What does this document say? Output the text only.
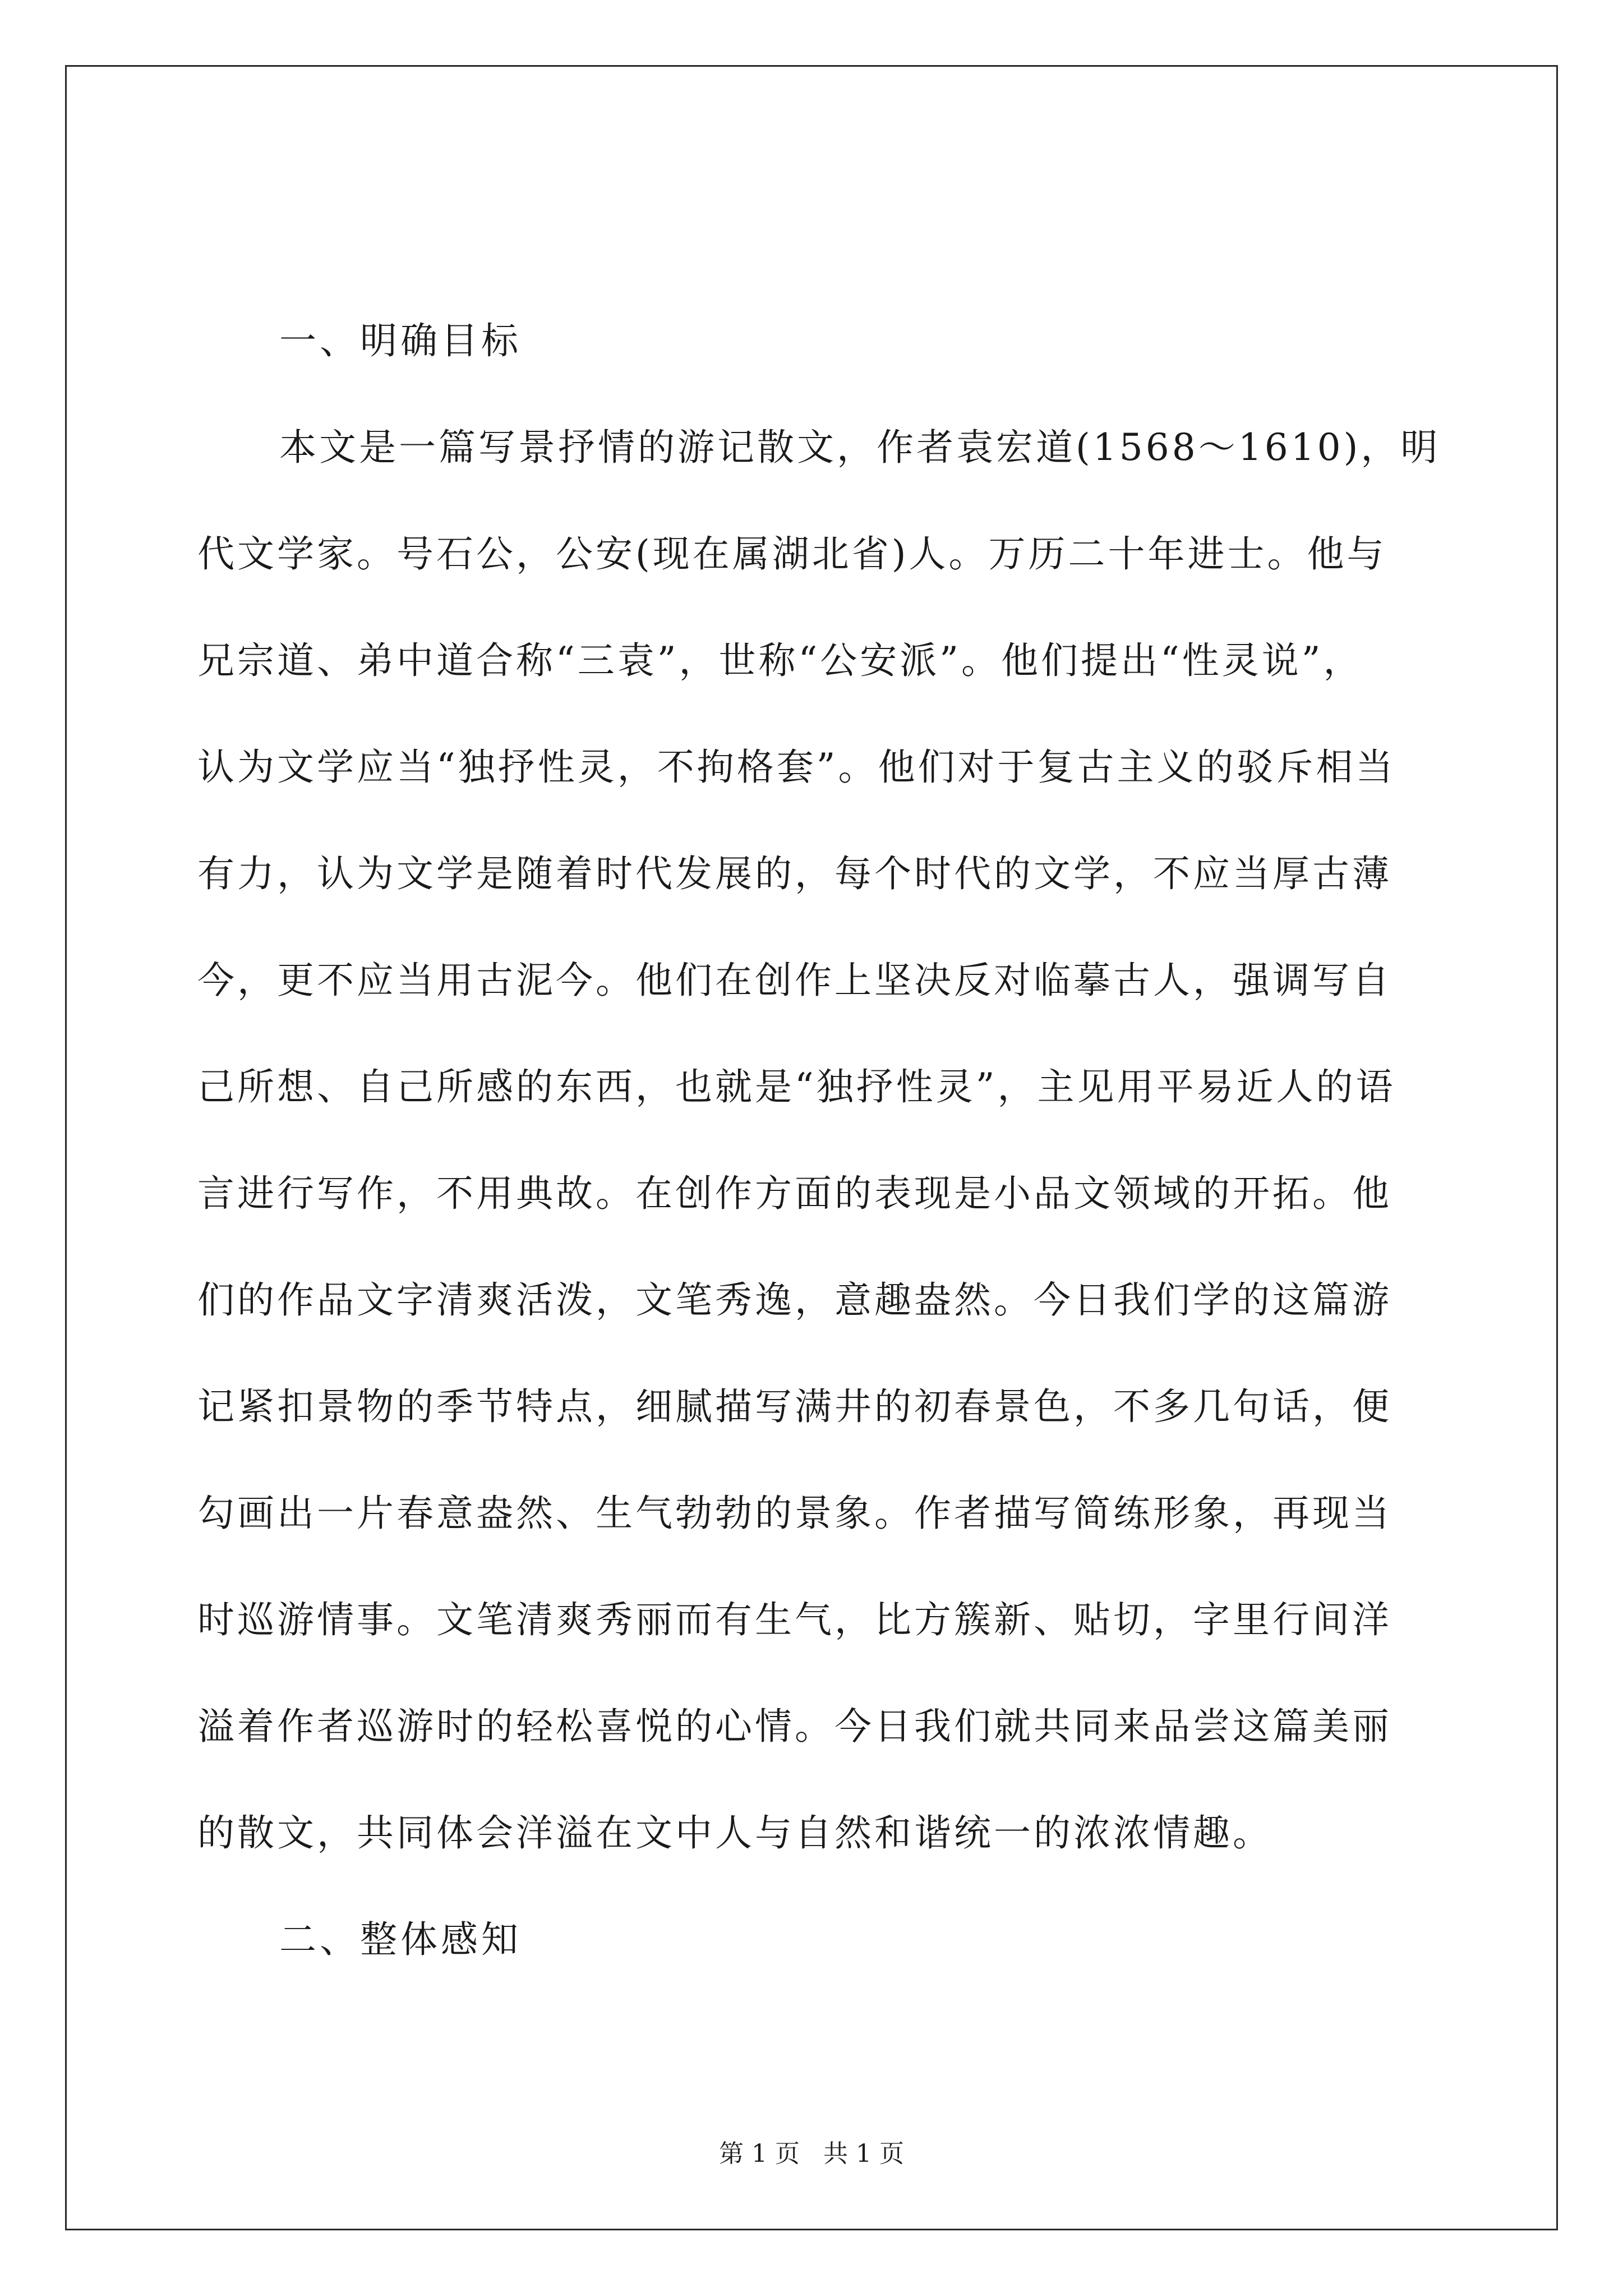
一、明确目标

本文是一篇写景抒情的游记散文，作者袁宏道(1568～1610)，明

代文学家。号石公，公安(现在属湖北省)人。万历二十年进士。他与

兄宗道、弟中道合称“三袁”，世称“公安派”。他们提出“性灵说”，

认为文学应当“独抒性灵，不拘格套”。他们对于复古主义的驳斥相当

有力，认为文学是随着时代发展的，每个时代的文学，不应当厚古薄

今，更不应当用古泥今。他们在创作上坚决反对临摹古人，强调写自

己所想、自己所感的东西，也就是“独抒性灵”，主见用平易近人的语

言进行写作，不用典故。在创作方面的表现是小品文领域的开拓。他

们的作品文字清爽活泼，文笔秀逸，意趣盎然。今日我们学的这篇游

记紧扣景物的季节特点，细腻描写满井的初春景色，不多几句话，便

勾画出一片春意盎然、生气勃勃的景象。作者描写简练形象，再现当

时巡游情事。文笔清爽秀丽而有生气，比方簇新、贴切，字里行间洋

溢着作者巡游时的轻松喜悦的心情。今日我们就共同来品尝这篇美丽

的散文，共同体会洋溢在文中人与自然和谐统一的浓浓情趣。

二、整体感知

第 1 页 共 1 页
